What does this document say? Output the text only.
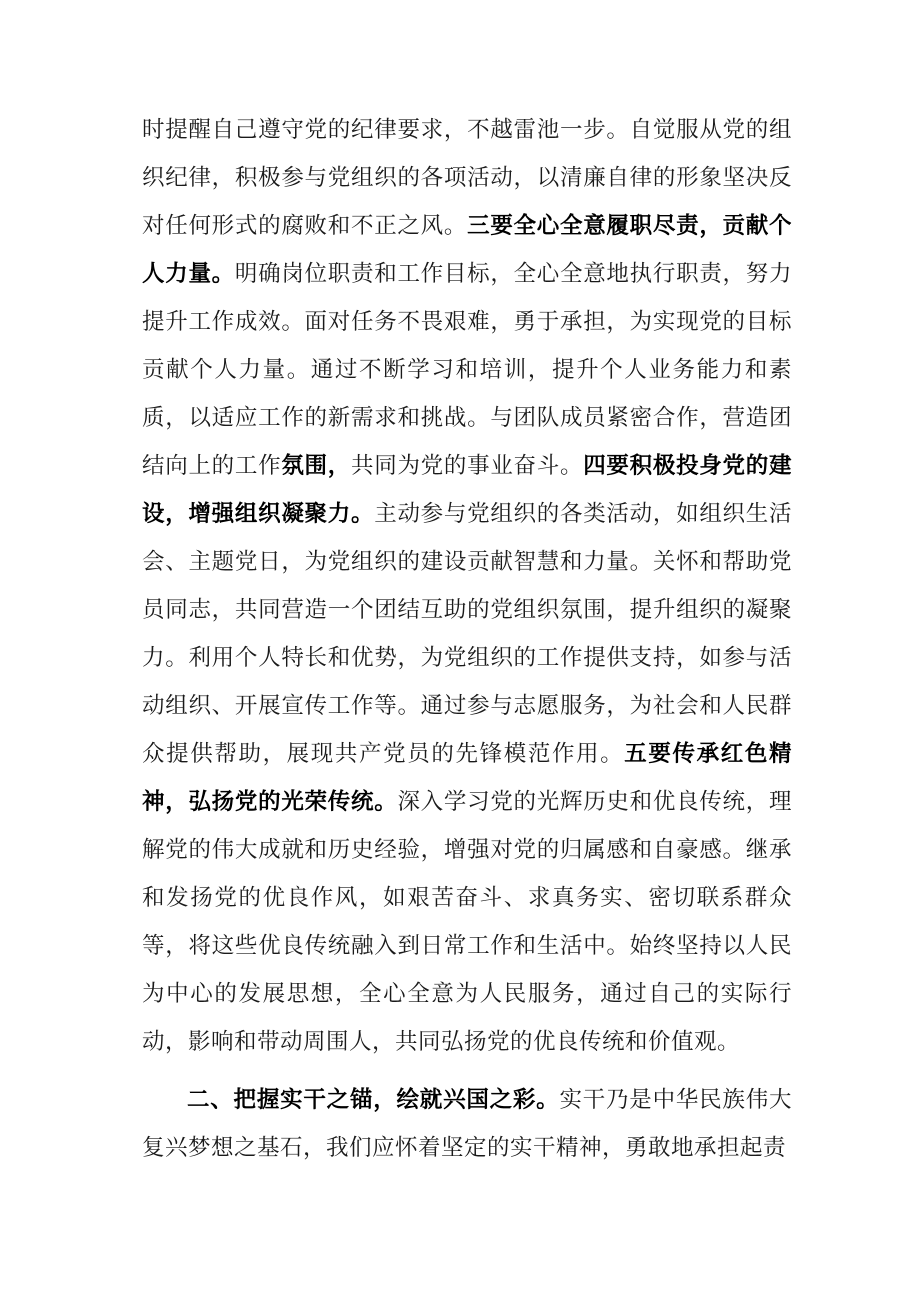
时提醒自己遵守党的纪律要求，不越雷池一步。自觉服从党的组织纪律，积极参与党组织的各项活动，以清廉自律的形象坚决反对任何形式的腐败和不正之风。三要全心全意履职尽责，贡献个人力量。明确岗位职责和工作目标，全心全意地执行职责，努力提升工作成效。面对任务不畏艰难，勇于承担，为实现党的目标贡献个人力量。通过不断学习和培训，提升个人业务能力和素质，以适应工作的新需求和挑战。与团队成员紧密合作，营造团结向上的工作氛围，共同为党的事业奋斗。四要积极投身党的建设，增强组织凝聚力。主动参与党组织的各类活动，如组织生活会、主题党日，为党组织的建设贡献智慧和力量。关怀和帮助党员同志，共同营造一个团结互助的党组织氛围，提升组织的凝聚力。利用个人特长和优势，为党组织的工作提供支持，如参与活动组织、开展宣传工作等。通过参与志愿服务，为社会和人民群众提供帮助，展现共产党员的先锋模范作用。五要传承红色精神，弘扬党的光荣传统。深入学习党的光辉历史和优良传统，理解党的伟大成就和历史经验，增强对党的归属感和自豪感。继承和发扬党的优良作风，如艰苦奋斗、求真务实、密切联系群众等，将这些优良传统融入到日常工作和生活中。始终坚持以人民为中心的发展思想，全心全意为人民服务，通过自己的实际行动，影响和带动周围人，共同弘扬党的优良传统和价值观。

二、把握实干之锚，绘就兴国之彩。实干乃是中华民族伟大复兴梦想之基石，我们应怀着坚定的实干精神，勇敢地承担起责
